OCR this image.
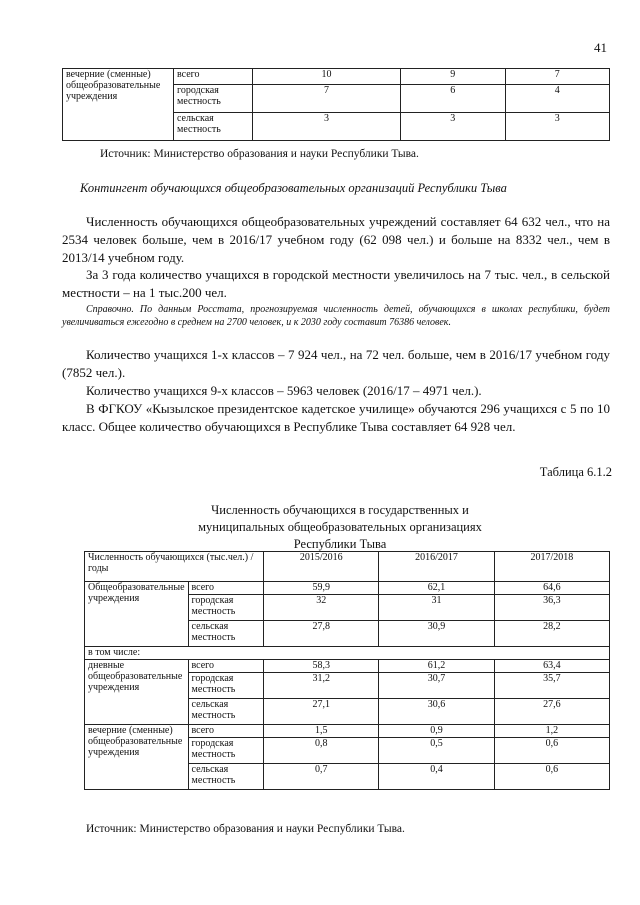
41
вечерние (сменные) общеобразовательные учреждения	всего	10	9	7
	городская местность	7	6	4
	сельская местность	3	3	3
Источник: Министерство образования и науки Республики Тыва.
Контингент обучающихся общеобразовательных организаций Республики Тыва
Численность обучающихся общеобразовательных учреждений составляет 64 632 чел., что на 2534 человек больше, чем в 2016/17 учебном году (62 098 чел.) и больше на 8332 чел., чем в 2013/14 учебном году.
За 3 года количество учащихся в городской местности увеличилось на 7 тыс. чел., в сельской местности – на 1 тыс.200 чел.
Справочно. По данным Росстата, прогнозируемая численность детей, обучающихся в школах республики, будет увеличиваться ежегодно в среднем на 2700 человек, и к 2030 году составит 76386 человек.
Количество учащихся 1-х классов – 7 924 чел., на 72 чел. больше, чем в 2016/17 учебном году (7852 чел.).
Количество учащихся 9-х классов – 5963 человек (2016/17 – 4971 чел.).
В ФГКОУ «Кызылское президентское кадетское училище» обучаются 296 учащихся с 5 по 10 класс. Общее количество обучающихся в Республике Тыва составляет 64 928 чел.
Таблица 6.1.2
Численность обучающихся в государственных и
муниципальных общеобразовательных организациях
Республики Тыва
Численность обучающихся (тыс.чел.) /годы		2015/2016	2016/2017	2017/2018
Общеобразовательные учреждения	всего	59,9	62,1	64,6
	городская местность	32	31	36,3
	сельская местность	27,8	30,9	28,2
в том числе:				
дневные общеобразовательные учреждения	всего	58,3	61,2	63,4
	городская местность	31,2	30,7	35,7
	сельская местность	27,1	30,6	27,6
вечерние (сменные) общеобразовательные учреждения	всего	1,5	0,9	1,2
	городская местность	0,8	0,5	0,6
	сельская местность	0,7	0,4	0,6
Источник: Министерство образования и науки Республики Тыва.
